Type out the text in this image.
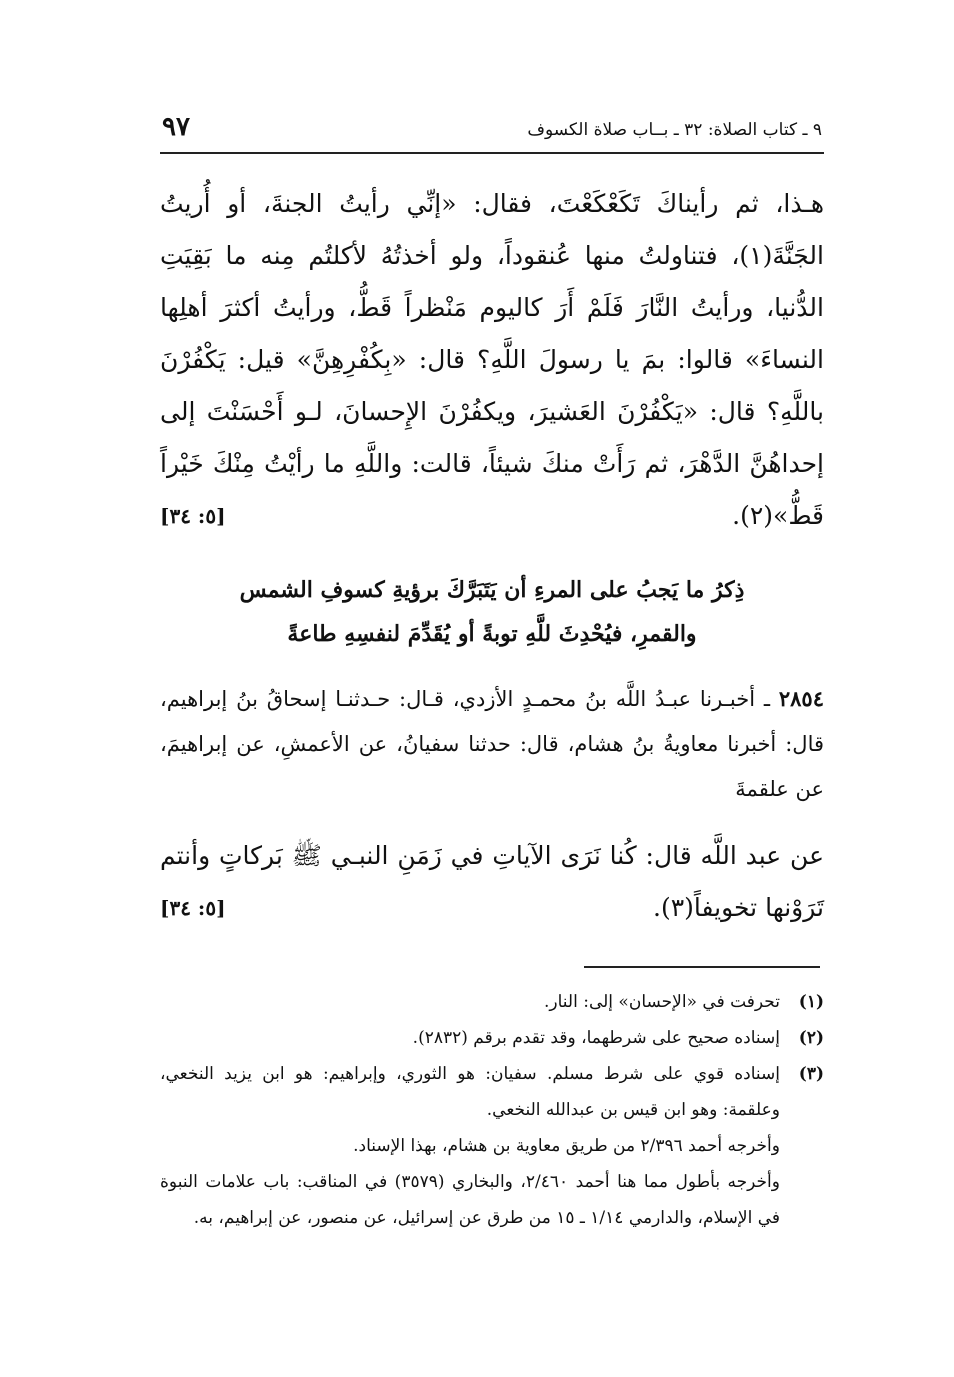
٩٧	٩ ـ كتاب الصلاة: ٣٢ ـ بــاب صلاة الكسوف
هـذا، ثم رأيناكَ تَكَعْكَعْتَ، فقال: «إنِّي رأيتُ الجنةَ، أو أُريتُ الجَنَّةَ(١)، فتناولتُ منها عُنقوداً، ولو أخذتُهُ لأكلتُم مِنه ما بَقِيَتِ الدُّنيا، ورأيتُ النَّارَ فَلَمْ أَرَ كاليوم مَنْظراً قَطُّ، ورأيتُ أكثرَ أهلِها النساءَ» قالوا: بمَ يا رسولَ اللَّهِ؟ قال: «بِكُفْرِهِنَّ» قيل: يَكْفُرْنَ باللَّهِ؟ قال: «يَكْفُرْنَ العَشيرَ، ويكفُرْنَ الإِحسانَ، لـو أَحْسَنْتَ إلى إحداهُنَّ الدَّهْرَ، ثم رَأَتْ منكَ شيئاً، قالت: واللَّهِ ما رأيْتُ مِنْكَ خَيْراً قَطُّ»(٢).
[٥: ٣٤]
ذِكرُ ما يَجبُ على المرءِ أن يَتَبَرَّكَ برؤيةِ كسوفِ الشمس
والقمرِ، فيُحْدِثَ للَّهِ توبةً أو يُقَدِّمَ لنفسِهِ طاعةً

٢٨٥٤ ـ أخبـرنا عبـدُ اللَّه بنُ محمـدٍ الأزدي، قـال: حـدثنـا إسحاقُ بنُ إبراهيم، قال: أخبرنا معاويةُ بنُ هشام، قال: حدثنا سفيانُ، عن الأعمشِ، عن إبراهيمَ، عن علقمةَ

عن عبد اللَّه قال: كُنا نَرَى الآياتِ في زَمَنِ النبـي ﷺ بَركاتٍ وأنتم تَرَوْنها تخويفاً(٣).
[٥: ٣٤]
(١)
تحرفت في «الإحسان» إلى: النار.
(٢)
إسناده صحيح على شرطهما، وقد تقدم برقم (٢٨٣٢).
(٣)
إسناده قوي على شرط مسلم. سفيان: هو الثوري، وإبراهيم: هو ابن يزيد النخعي، وعلقمة: وهو ابن قيس بن عبدالله النخعي.
وأخرجه أحمد ٢/٣٩٦ من طريق معاوية بن هشام، بهذا الإسناد.
وأخرجه بأطول مما هنا أحمد ٢/٤٦٠، والبخاري (٣٥٧٩) في المناقب: باب علامات النبوة في الإسلام، والدارمي ١/١٤ ـ ١٥ من طرق عن إسرائيل، عن منصور، عن إبراهيم، به.
